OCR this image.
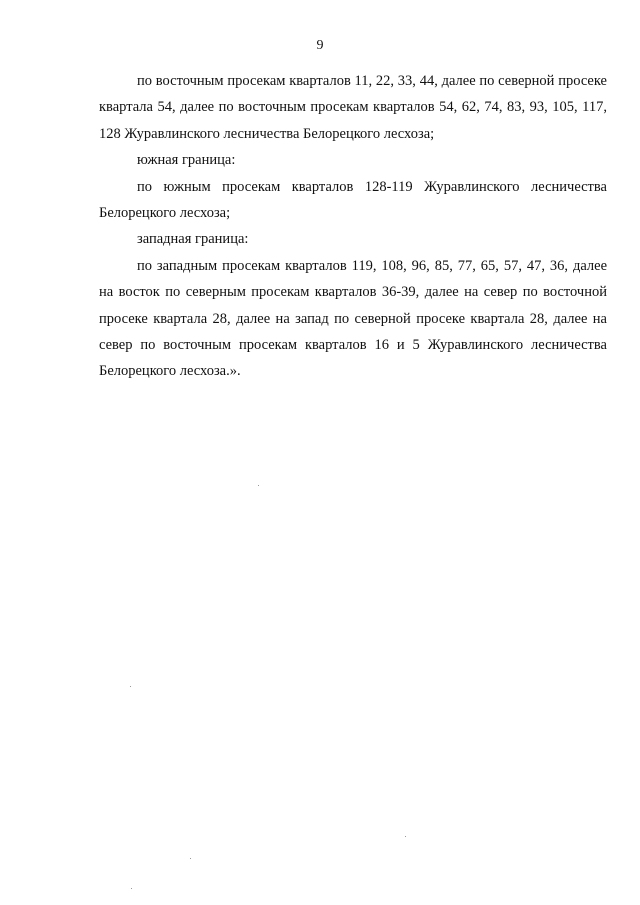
9

по восточным просекам кварталов 11, 22, 33, 44, далее по северной просеке квартала 54, далее по восточным просекам кварталов 54, 62, 74, 83, 93, 105, 117, 128 Журавлинского лесничества Белорецкого лесхоза;

южная граница:

по южным просекам кварталов 128-119 Журавлинского лесничества Белорецкого лесхоза;

западная граница:

по западным просекам кварталов 119, 108, 96, 85, 77, 65, 57, 47, 36, далее на восток по северным просекам кварталов 36-39, далее на север по восточной просеке квартала 28, далее на запад по северной просеке квартала 28, далее на север по восточным просекам кварталов 16 и 5 Журавлинского лесничества Белорецкого лесхоза.».
